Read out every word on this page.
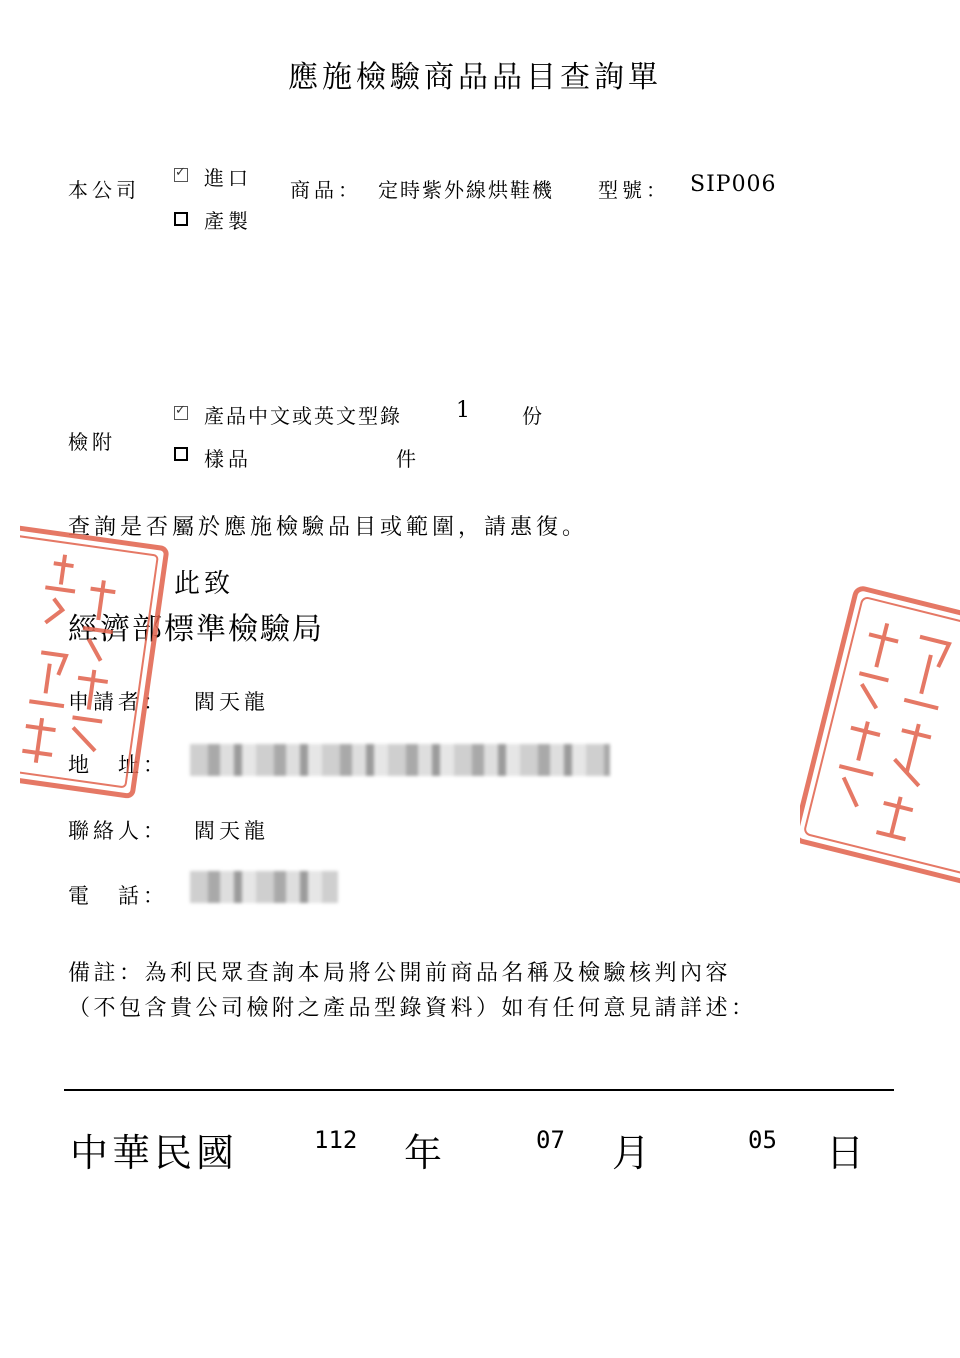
應施檢驗商品品目查詢單
本公司
✓	進口
產製
商品： 定時紫外線烘鞋機 型號： SIP006
檢附
✓
產品中文或英文型錄 1	份
樣品	件
查詢是否屬於應施檢驗品目或範圍，請惠復。
此致
經濟部標準檢驗局
申請者： 閻天龍
地　址：
聯絡人： 閻天龍
電　話：
備註：為利民眾查詢本局將公開前商品名稱及檢驗核判內容
（不包含貴公司檢附之產品型錄資料）如有任何意見請詳述：
中華民國	112 年	07 月	05 日
